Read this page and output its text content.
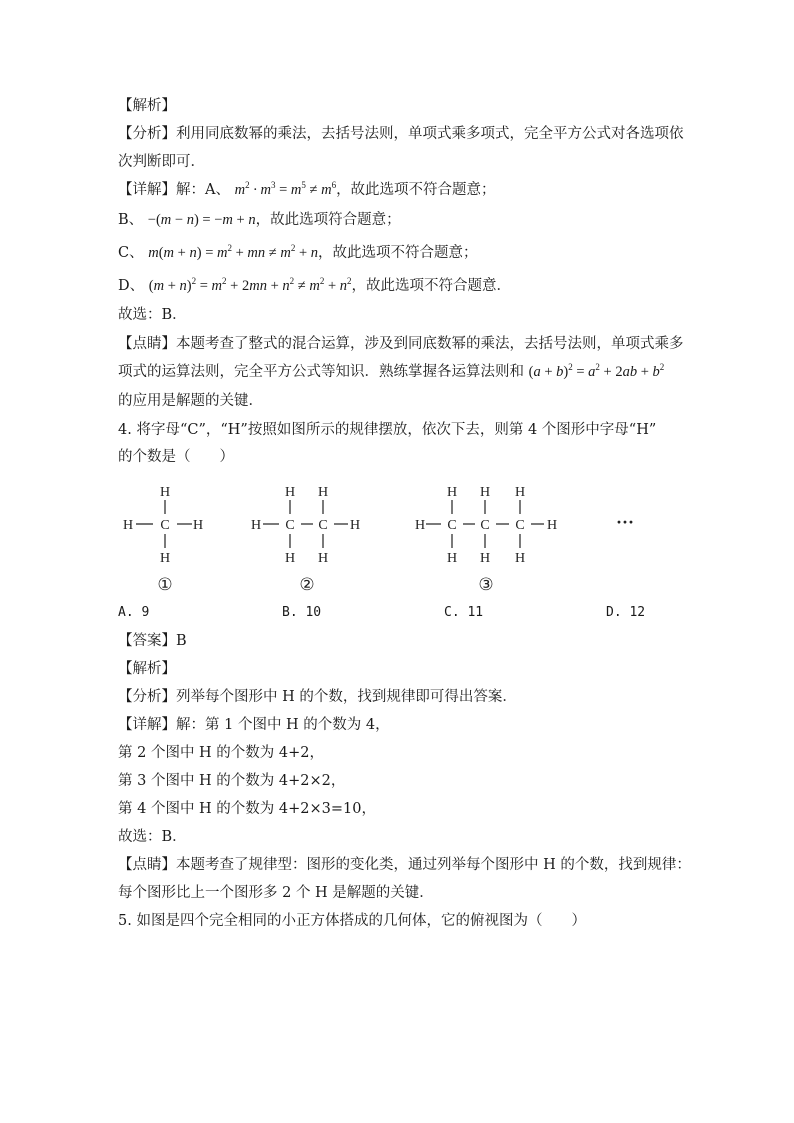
【解析】
【分析】利用同底数幂的乘法，去括号法则，单项式乘多项式，完全平方公式对各选项依
次判断即可．
【详解】解：A、 $m^2 \cdot m^3 = m^5 \ne m^6$，故此选项不符合题意；
B、 −(m − n) = −m + n，故此选项符合题意；
C、 $m(m + n) = m^2$ + mn ≠ $m^2 + n$，故此选项不符合题意；
D、 $(m + n)^2 = m^2 + 2mn + n^2 \ne m^2 + n^2$，故此选项不符合题意．
故选：B．
【点睛】本题考查了整式的混合运算，涉及到同底数幂的乘法，去括号法则，单项式乘多
项式的运算法则，完全平方公式等知识．熟练掌握各运算法则和 $(a + b)^2 = a^2 + 2ab + b^2$
的应用是解题的关键．
4. 将字母“C”，“H”按照如图所示的规律摆放，依次下去，则第 4 个图形中字母“H”
的个数是（　　）
H
C
H
H	H
①
H H
C C
H H
H	H
②
H H H
C C C
H H H
H	H
③
···
A. 9	B. 10	C. 11	D. 12
【答案】B
【解析】
【分析】列举每个图形中 H 的个数，找到规律即可得出答案．
【详解】解：第 1 个图中 H 的个数为 4，
第 2 个图中 H 的个数为 4+2，
第 3 个图中 H 的个数为 4+2×2，
第 4 个图中 H 的个数为 4+2×3=10，
故选：B．
【点睛】本题考查了规律型：图形的变化类，通过列举每个图形中 H 的个数，找到规律：
每个图形比上一个图形多 2 个 H 是解题的关键．
5. 如图是四个完全相同的小正方体搭成的几何体，它的俯视图为（　　）
